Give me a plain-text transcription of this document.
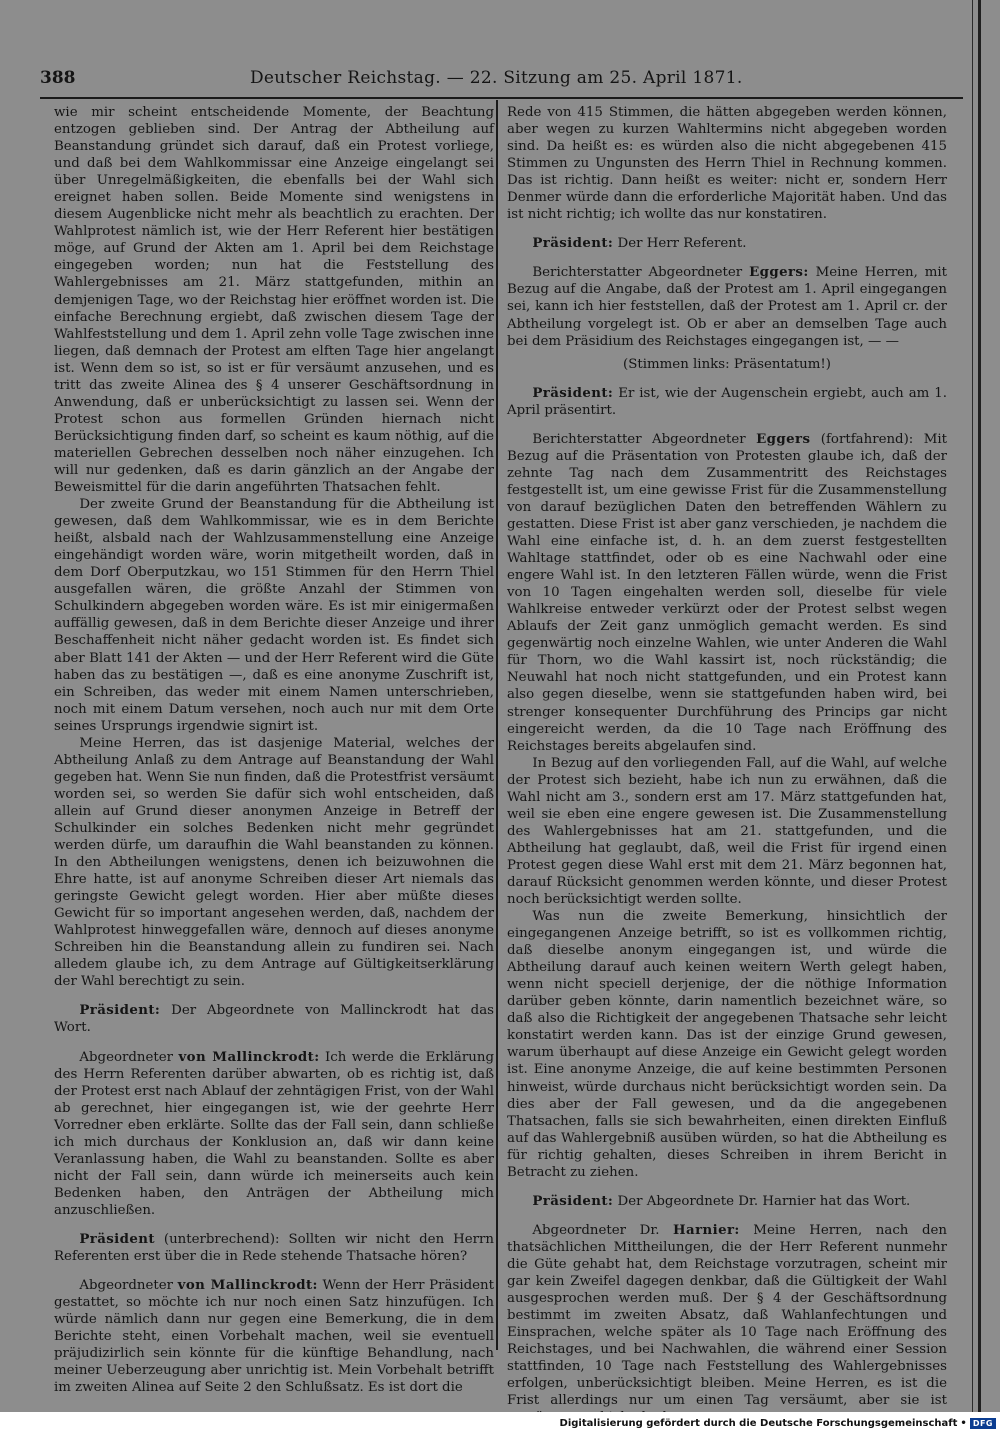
388	Deutscher Reichstag. — 22. Sitzung am 25. April 1871.

wie mir scheint entscheidende Momente, der Beachtung entzogen geblieben sind. Der Antrag der Abtheilung auf Beanstandung gründet sich darauf, daß ein Protest vorliege, und daß bei dem Wahlkommissar eine Anzeige eingelangt sei über Unregelmäßigkeiten, die ebenfalls bei der Wahl sich ereignet haben sollen. Beide Momente sind wenigstens in diesem Augenblicke nicht mehr als beachtlich zu erachten. Der Wahlprotest nämlich ist, wie der Herr Referent hier bestätigen möge, auf Grund der Akten am 1. April bei dem Reichstage eingegeben worden; nun hat die Feststellung des Wahlergebnisses am 21. März stattgefunden, mithin an demjenigen Tage, wo der Reichstag hier eröffnet worden ist. Die einfache Berechnung ergiebt, daß zwischen diesem Tage der Wahlfeststellung und dem 1. April zehn volle Tage zwischen inne liegen, daß demnach der Protest am elften Tage hier angelangt ist. Wenn dem so ist, so ist er für versäumt anzusehen, und es tritt das zweite Alinea des § 4 unserer Geschäftsordnung in Anwendung, daß er unberücksichtigt zu lassen sei. Wenn der Protest schon aus formellen Gründen hiernach nicht Berücksichtigung finden darf, so scheint es kaum nöthig, auf die materiellen Gebrechen desselben noch näher einzugehen. Ich will nur gedenken, daß es darin gänzlich an der Angabe der Beweismittel für die darin angeführten Thatsachen fehlt.

Der zweite Grund der Beanstandung für die Abtheilung ist gewesen, daß dem Wahlkommissar, wie es in dem Berichte heißt, alsbald nach der Wahlzusammenstellung eine Anzeige eingehändigt worden wäre, worin mitgetheilt worden, daß in dem Dorf Oberputzkau, wo 151 Stimmen für den Herrn Thiel ausgefallen wären, die größte Anzahl der Stimmen von Schulkindern abgegeben worden wäre. Es ist mir einigermaßen auffällig gewesen, daß in dem Berichte dieser Anzeige und ihrer Beschaffenheit nicht näher gedacht worden ist. Es findet sich aber Blatt 141 der Akten — und der Herr Referent wird die Güte haben das zu bestätigen —, daß es eine anonyme Zuschrift ist, ein Schreiben, das weder mit einem Namen unterschrieben, noch mit einem Datum versehen, noch auch nur mit dem Orte seines Ursprungs irgendwie signirt ist.

Meine Herren, das ist dasjenige Material, welches der Abtheilung Anlaß zu dem Antrage auf Beanstandung der Wahl gegeben hat. Wenn Sie nun finden, daß die Protestfrist versäumt worden sei, so werden Sie dafür sich wohl entscheiden, daß allein auf Grund dieser anonymen Anzeige in Betreff der Schulkinder ein solches Bedenken nicht mehr gegründet werden dürfe, um daraufhin die Wahl beanstanden zu können. In den Abtheilungen wenigstens, denen ich beizuwohnen die Ehre hatte, ist auf anonyme Schreiben dieser Art niemals das geringste Gewicht gelegt worden. Hier aber müßte dieses Gewicht für so important angesehen werden, daß, nachdem der Wahlprotest hinweggefallen wäre, dennoch auf dieses anonyme Schreiben hin die Beanstandung allein zu fundiren sei. Nach alledem glaube ich, zu dem Antrage auf Gültigkeitserklärung der Wahl berechtigt zu sein.

Präsident: Der Abgeordnete von Mallinckrodt hat das Wort.

Abgeordneter von Mallinckrodt: Ich werde die Erklärung des Herrn Referenten darüber abwarten, ob es richtig ist, daß der Protest erst nach Ablauf der zehntägigen Frist, von der Wahl ab gerechnet, hier eingegangen ist, wie der geehrte Herr Vorredner eben erklärte. Sollte das der Fall sein, dann schließe ich mich durchaus der Konklusion an, daß wir dann keine Veranlassung haben, die Wahl zu beanstanden. Sollte es aber nicht der Fall sein, dann würde ich meinerseits auch kein Bedenken haben, den Anträgen der Abtheilung mich anzuschließen.

Präsident (unterbrechend): Sollten wir nicht den Herrn Referenten erst über die in Rede stehende Thatsache hören?

Abgeordneter von Mallinckrodt: Wenn der Herr Präsident gestattet, so möchte ich nur noch einen Satz hinzufügen. Ich würde nämlich dann nur gegen eine Bemerkung, die in dem Berichte steht, einen Vorbehalt machen, weil sie eventuell präjudizirlich sein könnte für die künftige Behandlung, nach meiner Ueberzeugung aber unrichtig ist. Mein Vorbehalt betrifft im zweiten Alinea auf Seite 2 den Schlußsatz. Es ist dort die

Rede von 415 Stimmen, die hätten abgegeben werden können, aber wegen zu kurzen Wahltermins nicht abgegeben worden sind. Da heißt es: es würden also die nicht abgegebenen 415 Stimmen zu Ungunsten des Herrn Thiel in Rechnung kommen. Das ist richtig. Dann heißt es weiter: nicht er, sondern Herr Denmer würde dann die erforderliche Majorität haben. Und das ist nicht richtig; ich wollte das nur konstatiren.

Präsident: Der Herr Referent.

Berichterstatter Abgeordneter Eggers: Meine Herren, mit Bezug auf die Angabe, daß der Protest am 1. April eingegangen sei, kann ich hier feststellen, daß der Protest am 1. April cr. der Abtheilung vorgelegt ist. Ob er aber an demselben Tage auch bei dem Präsidium des Reichstages eingegangen ist, — —

(Stimmen links: Präsentatum!)

Präsident: Er ist, wie der Augenschein ergiebt, auch am 1. April präsentirt.

Berichterstatter Abgeordneter Eggers (fortfahrend): Mit Bezug auf die Präsentation von Protesten glaube ich, daß der zehnte Tag nach dem Zusammentritt des Reichstages festgestellt ist, um eine gewisse Frist für die Zusammenstellung von darauf bezüglichen Daten den betreffenden Wählern zu gestatten. Diese Frist ist aber ganz verschieden, je nachdem die Wahl eine einfache ist, d. h. an dem zuerst festgestellten Wahltage stattfindet, oder ob es eine Nachwahl oder eine engere Wahl ist. In den letzteren Fällen würde, wenn die Frist von 10 Tagen eingehalten werden soll, dieselbe für viele Wahlkreise entweder verkürzt oder der Protest selbst wegen Ablaufs der Zeit ganz unmöglich gemacht werden. Es sind gegenwärtig noch einzelne Wahlen, wie unter Anderen die Wahl für Thorn, wo die Wahl kassirt ist, noch rückständig; die Neuwahl hat noch nicht stattgefunden, und ein Protest kann also gegen dieselbe, wenn sie stattgefunden haben wird, bei strenger konsequenter Durchführung des Princips gar nicht eingereicht werden, da die 10 Tage nach Eröffnung des Reichstages bereits abgelaufen sind.

In Bezug auf den vorliegenden Fall, auf die Wahl, auf welche der Protest sich bezieht, habe ich nun zu erwähnen, daß die Wahl nicht am 3., sondern erst am 17. März stattgefunden hat, weil sie eben eine engere gewesen ist. Die Zusammenstellung des Wahlergebnisses hat am 21. stattgefunden, und die Abtheilung hat geglaubt, daß, weil die Frist für irgend einen Protest gegen diese Wahl erst mit dem 21. März begonnen hat, darauf Rücksicht genommen werden könnte, und dieser Protest noch berücksichtigt werden sollte.

Was nun die zweite Bemerkung, hinsichtlich der eingegangenen Anzeige betrifft, so ist es vollkommen richtig, daß dieselbe anonym eingegangen ist, und würde die Abtheilung darauf auch keinen weitern Werth gelegt haben, wenn nicht speciell derjenige, der die nöthige Information darüber geben könnte, darin namentlich bezeichnet wäre, so daß also die Richtigkeit der angegebenen Thatsache sehr leicht konstatirt werden kann. Das ist der einzige Grund gewesen, warum überhaupt auf diese Anzeige ein Gewicht gelegt worden ist. Eine anonyme Anzeige, die auf keine bestimmten Personen hinweist, würde durchaus nicht berücksichtigt worden sein. Da dies aber der Fall gewesen, und da die angegebenen Thatsachen, falls sie sich bewahrheiten, einen direkten Einfluß auf das Wahlergebniß ausüben würden, so hat die Abtheilung es für richtig gehalten, dieses Schreiben in ihrem Bericht in Betracht zu ziehen.

Präsident: Der Abgeordnete Dr. Harnier hat das Wort.

Abgeordneter Dr. Harnier: Meine Herren, nach den thatsächlichen Mittheilungen, die der Herr Referent nunmehr die Güte gehabt hat, dem Reichstage vorzutragen, scheint mir gar kein Zweifel dagegen denkbar, daß die Gültigkeit der Wahl ausgesprochen werden muß. Der § 4 der Geschäftsordnung bestimmt im zweiten Absatz, daß Wahlanfechtungen und Einsprachen, welche später als 10 Tage nach Eröffnung des Reichstages, und bei Nachwahlen, die während einer Session stattfinden, 10 Tage nach Feststellung des Wahlergebnisses erfolgen, unberücksichtigt bleiben. Meine Herren, es ist die Frist allerdings nur um einen Tag versäumt, aber sie ist

Digitalisierung gefördert durch die Deutsche Forschungsgemeinschaft • DFG
